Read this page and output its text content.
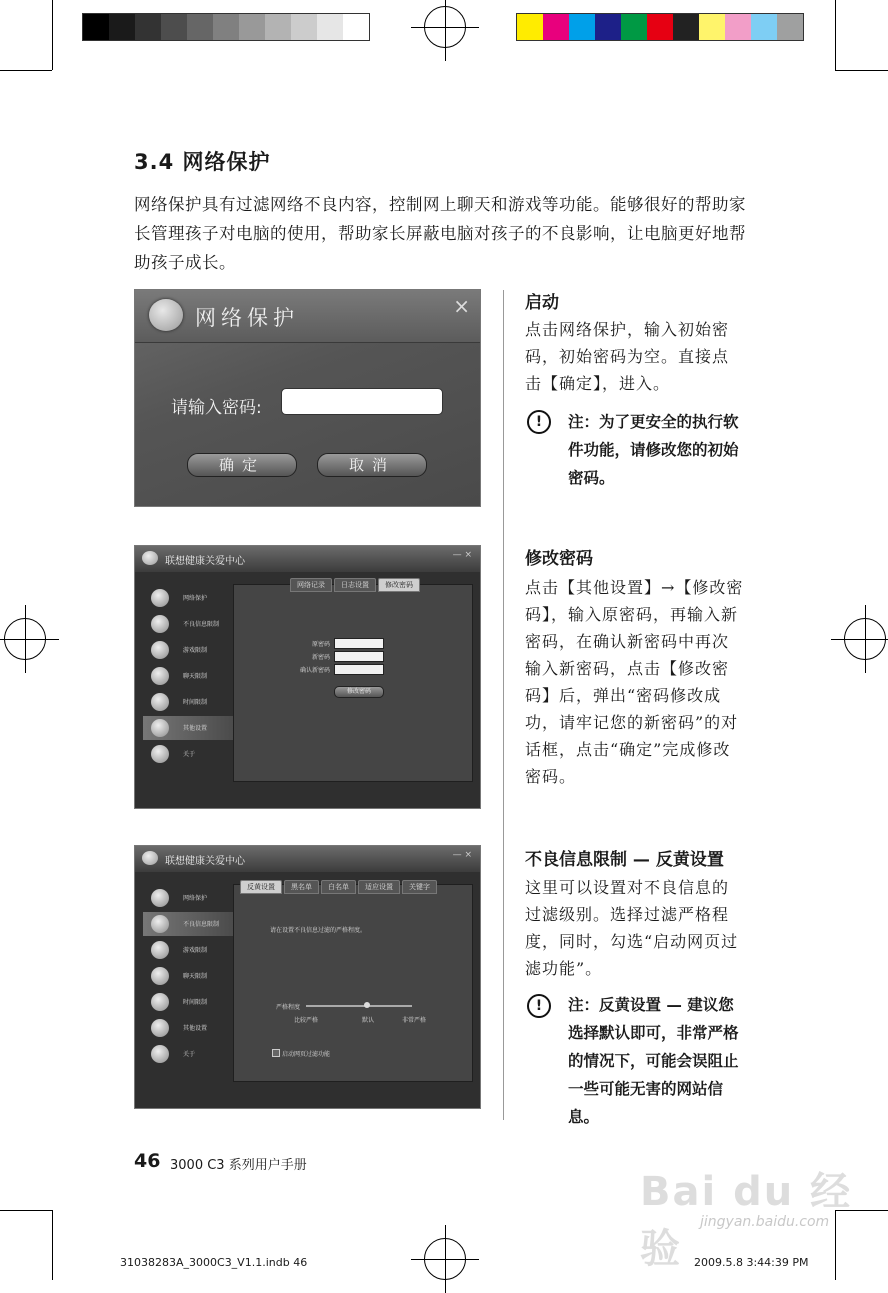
3.4 网络保护
网络保护具有过滤网络不良内容，控制网上聊天和游戏等功能。能够很好的帮助家长管理孩子对电脑的使用，帮助家长屏蔽电脑对孩子的不良影响，让电脑更好地帮助孩子成长。
网络保护	×
请输入密码:
确定	取消
联想健康关爱中心
— ×
网络保护
不良信息限制
游戏限制
聊天限制
时间限制
其他设置
关于
网络记录	日志设置	修改密码
原密码
新密码
确认新密码
修改密码
联想健康关爱中心
— ×
网络保护
不良信息限制
游戏限制
聊天限制
时间限制
其他设置
关于
反黄设置	黑名单	白名单	适应设置	关键字
请在设置不良信息过滤的严格程度。
严格程度
比较严格	默认	非常严格
启动网页过滤功能
启动
点击网络保护，输入初始密码，初始密码为空。直接点击【确定】，进入。
!	注：为了更安全的执行软件功能，请修改您的初始密码。
修改密码
点击【其他设置】→【修改密码】，输入原密码，再输入新密码，在确认新密码中再次输入新密码，点击【修改密码】后，弹出“密码修改成功，请牢记您的新密码”的对话框，点击“确定”完成修改密码。
不良信息限制 — 反黄设置
这里可以设置对不良信息的过滤级别。选择过滤严格程度，同时，勾选“启动网页过滤功能”。
!	注：反黄设置 — 建议您选择默认即可，非常严格的情况下，可能会误阻止一些可能无害的网站信息。
46 3000 C3 系列用户手册
Bai du 经验
jingyan.baidu.com
31038283A_3000C3_V1.1.indb 46	2009.5.8 3:44:39 PM
